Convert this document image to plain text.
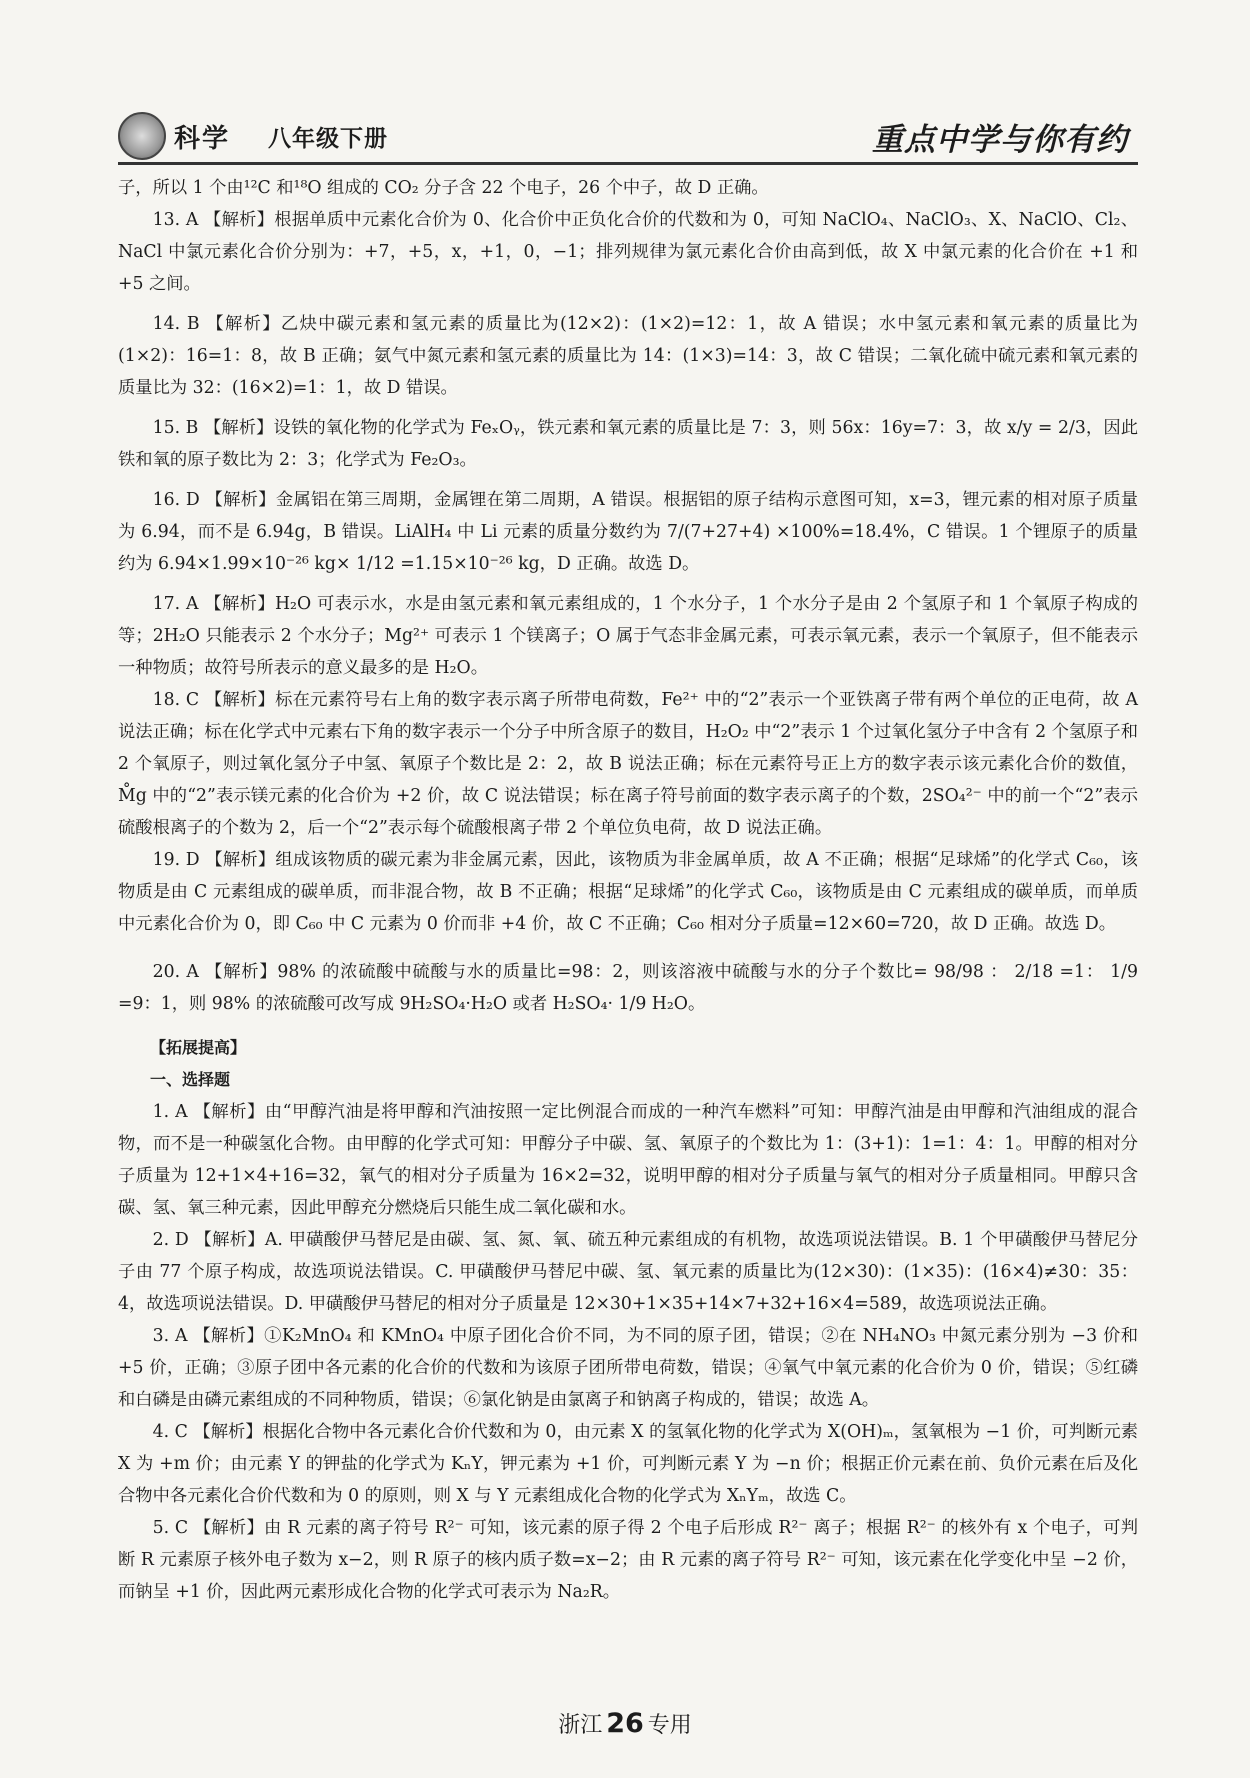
科学 八年级下册	重点中学与你有约

子，所以 1 个由¹²C 和¹⁸O 组成的 CO₂ 分子含 22 个电子，26 个中子，故 D 正确。

13. A 【解析】根据单质中元素化合价为 0、化合价中正负化合价的代数和为 0，可知 NaClO₄、NaClO₃、X、NaClO、Cl₂、NaCl 中氯元素化合价分别为：+7，+5，x，+1，0，−1；排列规律为氯元素化合价由高到低，故 X 中氯元素的化合价在 +1 和 +5 之间。

14. B 【解析】乙炔中碳元素和氢元素的质量比为(12×2)：(1×2)=12：1，故 A 错误；水中氢元素和氧元素的质量比为(1×2)：16=1：8，故 B 正确；氨气中氮元素和氢元素的质量比为 14：(1×3)=14：3，故 C 错误；二氧化硫中硫元素和氧元素的质量比为 32：(16×2)=1：1，故 D 错误。

15. B 【解析】设铁的氧化物的化学式为 FeₓOᵧ，铁元素和氧元素的质量比是 7：3，则 56x：16y=7：3，故 x/y = 2/3，因此铁和氧的原子数比为 2：3；化学式为 Fe₂O₃。

16. D 【解析】金属铝在第三周期，金属锂在第二周期，A 错误。根据铝的原子结构示意图可知，x=3，锂元素的相对原子质量为 6.94，而不是 6.94g，B 错误。LiAlH₄ 中 Li 元素的质量分数约为 7/(7+27+4) ×100%=18.4%，C 错误。1 个锂原子的质量约为 6.94×1.99×10⁻²⁶ kg× 1/12 =1.15×10⁻²⁶ kg，D 正确。故选 D。

17. A 【解析】H₂O 可表示水，水是由氢元素和氧元素组成的，1 个水分子，1 个水分子是由 2 个氢原子和 1 个氧原子构成的等；2H₂O 只能表示 2 个水分子；Mg²⁺ 可表示 1 个镁离子；O 属于气态非金属元素，可表示氧元素，表示一个氧原子，但不能表示一种物质；故符号所表示的意义最多的是 H₂O。

18. C 【解析】标在元素符号右上角的数字表示离子所带电荷数，Fe²⁺ 中的“2”表示一个亚铁离子带有两个单位的正电荷，故 A 说法正确；标在化学式中元素右下角的数字表示一个分子中所含原子的数目，H₂O₂ 中“2”表示 1 个过氧化氢分子中含有 2 个氢原子和 2 个氧原子，则过氧化氢分子中氢、氧原子个数比是 2：2，故 B 说法正确；标在元素符号正上方的数字表示该元素化合价的数值，M̊g 中的“2”表示镁元素的化合价为 +2 价，故 C 说法错误；标在离子符号前面的数字表示离子的个数，2SO₄²⁻ 中的前一个“2”表示硫酸根离子的个数为 2，后一个“2”表示每个硫酸根离子带 2 个单位负电荷，故 D 说法正确。

19. D 【解析】组成该物质的碳元素为非金属元素，因此，该物质为非金属单质，故 A 不正确；根据“足球烯”的化学式 C₆₀，该物质是由 C 元素组成的碳单质，而非混合物，故 B 不正确；根据“足球烯”的化学式 C₆₀，该物质是由 C 元素组成的碳单质，而单质中元素化合价为 0，即 C₆₀ 中 C 元素为 0 价而非 +4 价，故 C 不正确；C₆₀ 相对分子质量=12×60=720，故 D 正确。故选 D。

20. A 【解析】98% 的浓硫酸中硫酸与水的质量比=98：2，则该溶液中硫酸与水的分子个数比= 98/98 ： 2/18 =1： 1/9 =9：1，则 98% 的浓硫酸可改写成 9H₂SO₄·H₂O 或者 H₂SO₄· 1/9 H₂O。

【拓展提高】

一、选择题

1. A 【解析】由“甲醇汽油是将甲醇和汽油按照一定比例混合而成的一种汽车燃料”可知：甲醇汽油是由甲醇和汽油组成的混合物，而不是一种碳氢化合物。由甲醇的化学式可知：甲醇分子中碳、氢、氧原子的个数比为 1：(3+1)：1=1：4：1。甲醇的相对分子质量为 12+1×4+16=32，氧气的相对分子质量为 16×2=32，说明甲醇的相对分子质量与氧气的相对分子质量相同。甲醇只含碳、氢、氧三种元素，因此甲醇充分燃烧后只能生成二氧化碳和水。

2. D 【解析】A. 甲磺酸伊马替尼是由碳、氢、氮、氧、硫五种元素组成的有机物，故选项说法错误。B. 1 个甲磺酸伊马替尼分子由 77 个原子构成，故选项说法错误。C. 甲磺酸伊马替尼中碳、氢、氧元素的质量比为(12×30)：(1×35)：(16×4)≠30：35：4，故选项说法错误。D. 甲磺酸伊马替尼的相对分子质量是 12×30+1×35+14×7+32+16×4=589，故选项说法正确。

3. A 【解析】①K₂MnO₄ 和 KMnO₄ 中原子团化合价不同，为不同的原子团，错误；②在 NH₄NO₃ 中氮元素分别为 −3 价和 +5 价，正确；③原子团中各元素的化合价的代数和为该原子团所带电荷数，错误；④氧气中氧元素的化合价为 0 价，错误；⑤红磷和白磷是由磷元素组成的不同种物质，错误；⑥氯化钠是由氯离子和钠离子构成的，错误；故选 A。

4. C 【解析】根据化合物中各元素化合价代数和为 0，由元素 X 的氢氧化物的化学式为 X(OH)ₘ，氢氧根为 −1 价，可判断元素 X 为 +m 价；由元素 Y 的钾盐的化学式为 KₙY，钾元素为 +1 价，可判断元素 Y 为 −n 价；根据正价元素在前、负价元素在后及化合物中各元素化合价代数和为 0 的原则，则 X 与 Y 元素组成化合物的化学式为 XₙYₘ，故选 C。

5. C 【解析】由 R 元素的离子符号 R²⁻ 可知，该元素的原子得 2 个电子后形成 R²⁻ 离子；根据 R²⁻ 的核外有 x 个电子，可判断 R 元素原子核外电子数为 x−2，则 R 原子的核内质子数=x−2；由 R 元素的离子符号 R²⁻ 可知，该元素在化学变化中呈 −2 价，而钠呈 +1 价，因此两元素形成化合物的化学式可表示为 Na₂R。

浙江 26 专用
